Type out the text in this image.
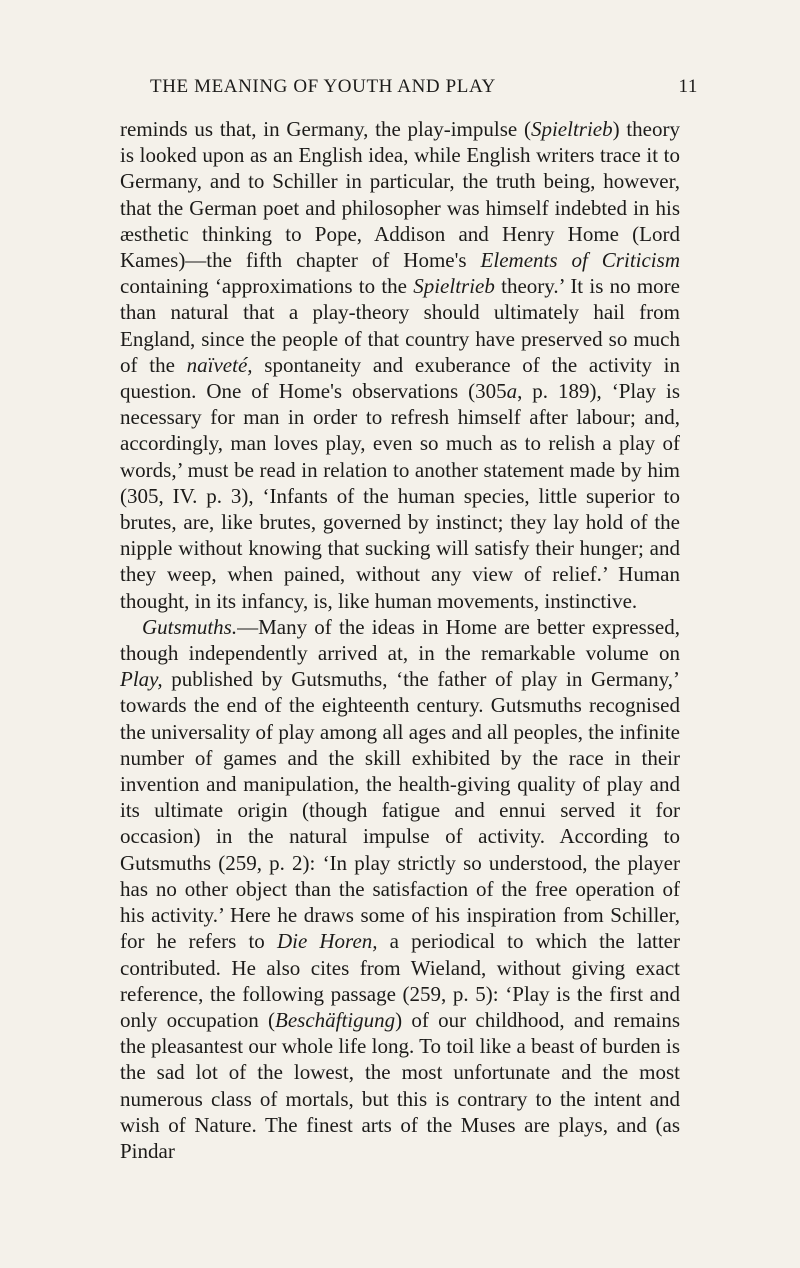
THE MEANING OF YOUTH AND PLAY	11

reminds us that, in Germany, the play-impulse (Spieltrieb) theory is looked upon as an English idea, while English writers trace it to Germany, and to Schiller in particular, the truth being, however, that the German poet and philosopher was himself indebted in his æsthetic thinking to Pope, Addison and Henry Home (Lord Kames)—the fifth chapter of Home's Elements of Criticism containing ‘approximations to the Spieltrieb theory.’ It is no more than natural that a play-theory should ultimately hail from England, since the people of that country have preserved so much of the naïveté, spontaneity and exuberance of the activity in question. One of Home's observations (305a, p. 189), ‘Play is necessary for man in order to refresh himself after labour; and, accordingly, man loves play, even so much as to relish a play of words,’ must be read in relation to another statement made by him (305, IV. p. 3), ‘Infants of the human species, little superior to brutes, are, like brutes, governed by instinct; they lay hold of the nipple without knowing that sucking will satisfy their hunger; and they weep, when pained, without any view of relief.’ Human thought, in its infancy, is, like human movements, instinctive.

Gutsmuths.—Many of the ideas in Home are better expressed, though independently arrived at, in the remarkable volume on Play, published by Gutsmuths, ‘the father of play in Germany,’ towards the end of the eighteenth century. Gutsmuths recognised the universality of play among all ages and all peoples, the infinite number of games and the skill exhibited by the race in their invention and manipulation, the health-giving quality of play and its ultimate origin (though fatigue and ennui served it for occasion) in the natural impulse of activity. According to Gutsmuths (259, p. 2): ‘In play strictly so understood, the player has no other object than the satisfaction of the free operation of his activity.’ Here he draws some of his inspiration from Schiller, for he refers to Die Horen, a periodical to which the latter contributed. He also cites from Wieland, without giving exact reference, the following passage (259, p. 5): ‘Play is the first and only occupation (Beschäftigung) of our childhood, and remains the pleasantest our whole life long. To toil like a beast of burden is the sad lot of the lowest, the most unfortunate and the most numerous class of mortals, but this is contrary to the intent and wish of Nature. The finest arts of the Muses are plays, and (as Pindar
